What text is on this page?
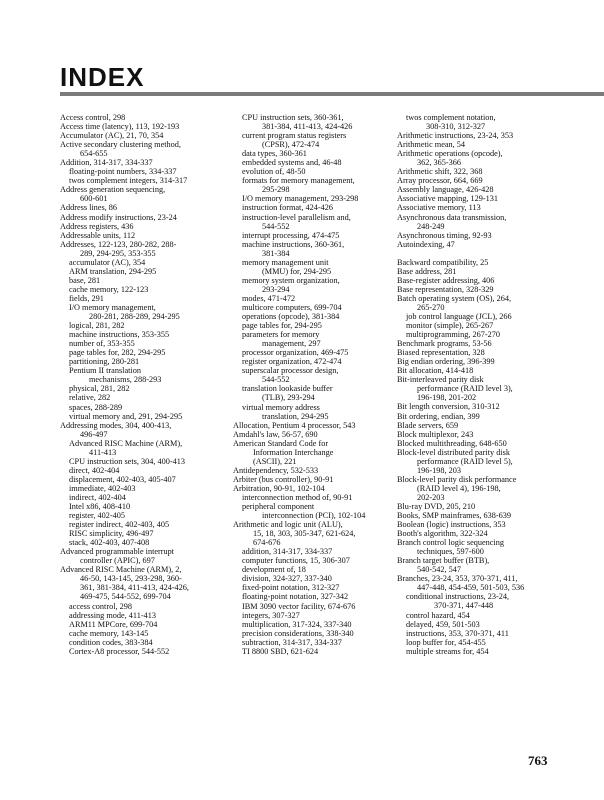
INDEX
Access control, 298
Access time (latency), 113, 192-193
Accumulator (AC), 21, 70, 354
Active secondary clustering method,
654-655
Addition, 314-317, 334-337
floating-point numbers, 334-337
twos complement integers, 314-317
Address generation sequencing,
600-601
Address lines, 86
Address modify instructions, 23-24
Address registers, 436
Addressable units, 112
Addresses, 122-123, 280-282, 288-
289, 294-295, 353-355
accumulator (AC), 354
ARM translation, 294-295
base, 281
cache memory, 122-123
fields, 291
I/O memory management,
280-281, 288-289, 294-295
logical, 281, 282
machine instructions, 353-355
number of, 353-355
page tables for, 282, 294-295
partitioning, 280-281
Pentium II translation
mechanisms, 288-293
physical, 281, 282
relative, 282
spaces, 288-289
virtual memory and, 291, 294-295
Addressing modes, 304, 400-413,
496-497
Advanced RISC Machine (ARM),
411-413
CPU instruction sets, 304, 400-413
direct, 402-404
displacement, 402-403, 405-407
immediate, 402-403
indirect, 402-404
Intel x86, 408-410
register, 402-405
register indirect, 402-403, 405
RISC simplicity, 496-497
stack, 402-403, 407-408
Advanced programmable interrupt
controller (APIC), 697
Advanced RISC Machine (ARM), 2,
46-50, 143-145, 293-298, 360-
361, 381-384, 411-413, 424-426,
469-475, 544-552, 699-704
access control, 298
addressing mode, 411-413
ARM11 MPCore, 699-704
cache memory, 143-145
condition codes, 383-384
Cortex-A8 processor, 544-552
CPU instruction sets, 360-361,
381-384, 411-413, 424-426
current program status registers
(CPSR), 472-474
data types, 360-361
embedded systems and, 46-48
evolution of, 48-50
formats for memory management,
295-298
I/O memory management, 293-298
instruction format, 424-426
instruction-level parallelism and,
544-552
interrupt processing, 474-475
machine instructions, 360-361,
381-384
memory management unit
(MMU) for, 294-295
memory system organization,
293-294
modes, 471-472
multicore computers, 699-704
operations (opcode), 381-384
page tables for, 294-295
parameters for memory
management, 297
processor organization, 469-475
register organization, 472-474
superscalar processor design,
544-552
translation lookaside buffer
(TLB), 293-294
virtual memory address
translation, 294-295
Allocation, Pentium 4 processor, 543
Amdahl's law, 56-57, 690
American Standard Code for
Information Interchange
(ASCII), 221
Antidependency, 532-533
Arbiter (bus controller), 90-91
Arbitration, 90-91, 102-104
interconnection method of, 90-91
peripheral component
interconnection (PCI), 102-104
Arithmetic and logic unit (ALU),
15, 18, 303, 305-347, 621-624,
674-676
addition, 314-317, 334-337
computer functions, 15, 306-307
development of, 18
division, 324-327, 337-340
fixed-point notation, 312-327
floating-point notation, 327-342
IBM 3090 vector facility, 674-676
integers, 307-327
multiplication, 317-324, 337-340
precision considerations, 338-340
subtraction, 314-317, 334-337
TI 8800 SBD, 621-624
twos complement notation,
308-310, 312-327
Arithmetic instructions, 23-24, 353
Arithmetic mean, 54
Arithmetic operations (opcode),
362, 365-366
Arithmetic shift, 322, 368
Array processor, 664, 669
Assembly language, 426-428
Associative mapping, 129-131
Associative memory, 113
Asynchronous data transmission,
248-249
Asynchronous timing, 92-93
Autoindexing, 47
Backward compatibility, 25
Base address, 281
Base-register addressing, 406
Base representation, 328-329
Batch operating system (OS), 264,
265-270
job control language (JCL), 266
monitor (simple), 265-267
multiprogramming, 267-270
Benchmark programs, 53-56
Biased representation, 328
Big endian ordering, 396-399
Bit allocation, 414-418
Bit-interleaved parity disk
performance (RAID level 3),
196-198, 201-202
Bit length conversion, 310-312
Bit ordering, endian, 399
Blade servers, 659
Block multiplexor, 243
Blocked multithreading, 648-650
Block-level distributed parity disk
performance (RAID level 5),
196-198, 203
Block-level parity disk performance
(RAID level 4), 196-198,
202-203
Blu-ray DVD, 205, 210
Books, SMP mainframes, 638-639
Boolean (logic) instructions, 353
Booth's algorithm, 322-324
Branch control logic sequencing
techniques, 597-600
Branch target buffer (BTB),
540-542, 547
Branches, 23-24, 353, 370-371, 411,
447-448, 454-459, 501-503, 536
conditional instructions, 23-24,
370-371, 447-448
control hazard, 454
delayed, 459, 501-503
instructions, 353, 370-371, 411
loop buffer for, 454-455
multiple streams for, 454
763
